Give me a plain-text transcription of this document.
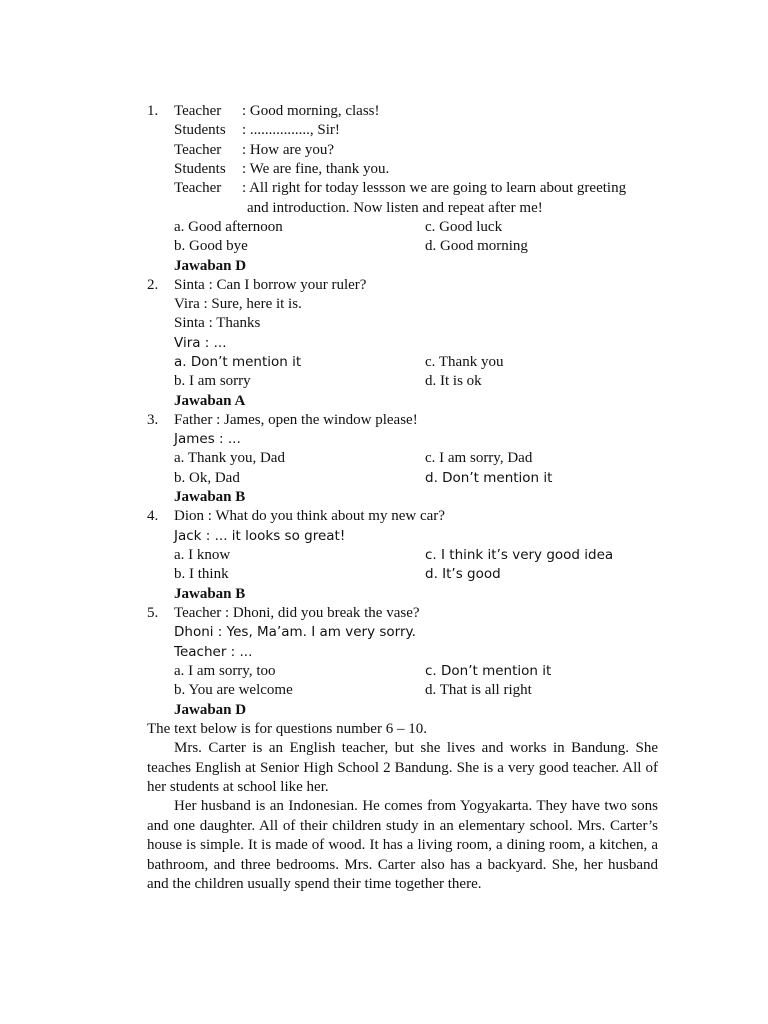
1. Teacher : Good morning, class!
Students : ................, Sir!
Teacher : How are you?
Students : We are fine, thank you.
Teacher : All right for today lessson we are going to learn about greeting
and introduction. Now listen and repeat after me!
a. Good afternoon	c. Good luck
b. Good bye	d. Good morning
Jawaban D
2. Sinta : Can I borrow your ruler?
Vira : Sure, here it is.
Sinta : Thanks
Vira : ...
a. Don’t mention it	c. Thank you
b. I am sorry	d. It is ok
Jawaban A
3. Father : James, open the window please!
James : ...
a. Thank you, Dad	c. I am sorry, Dad
b. Ok, Dad	d. Don’t mention it
Jawaban B
4. Dion : What do you think about my new car?
Jack : ... it looks so great!
a. I know	c. I think it’s very good idea
b. I think	d. It’s good
Jawaban B
5. Teacher : Dhoni, did you break the vase?
Dhoni : Yes, Ma’am. I am very sorry.
Teacher : ...
a. I am sorry, too	c. Don’t mention it
b. You are welcome	d. That is all right
Jawaban D
The text below is for questions number 6 – 10.
Mrs. Carter is an English teacher, but she lives and works in Bandung. She teaches English at Senior High School 2 Bandung. She is a very good teacher. All of her students at school like her.
Her husband is an Indonesian. He comes from Yogyakarta. They have two sons and one daughter. All of their children study in an elementary school. Mrs. Carter’s house is simple. It is made of wood. It has a living room, a dining room, a kitchen, a bathroom, and three bedrooms. Mrs. Carter also has a backyard. She, her husband and the children usually spend their time together there.
